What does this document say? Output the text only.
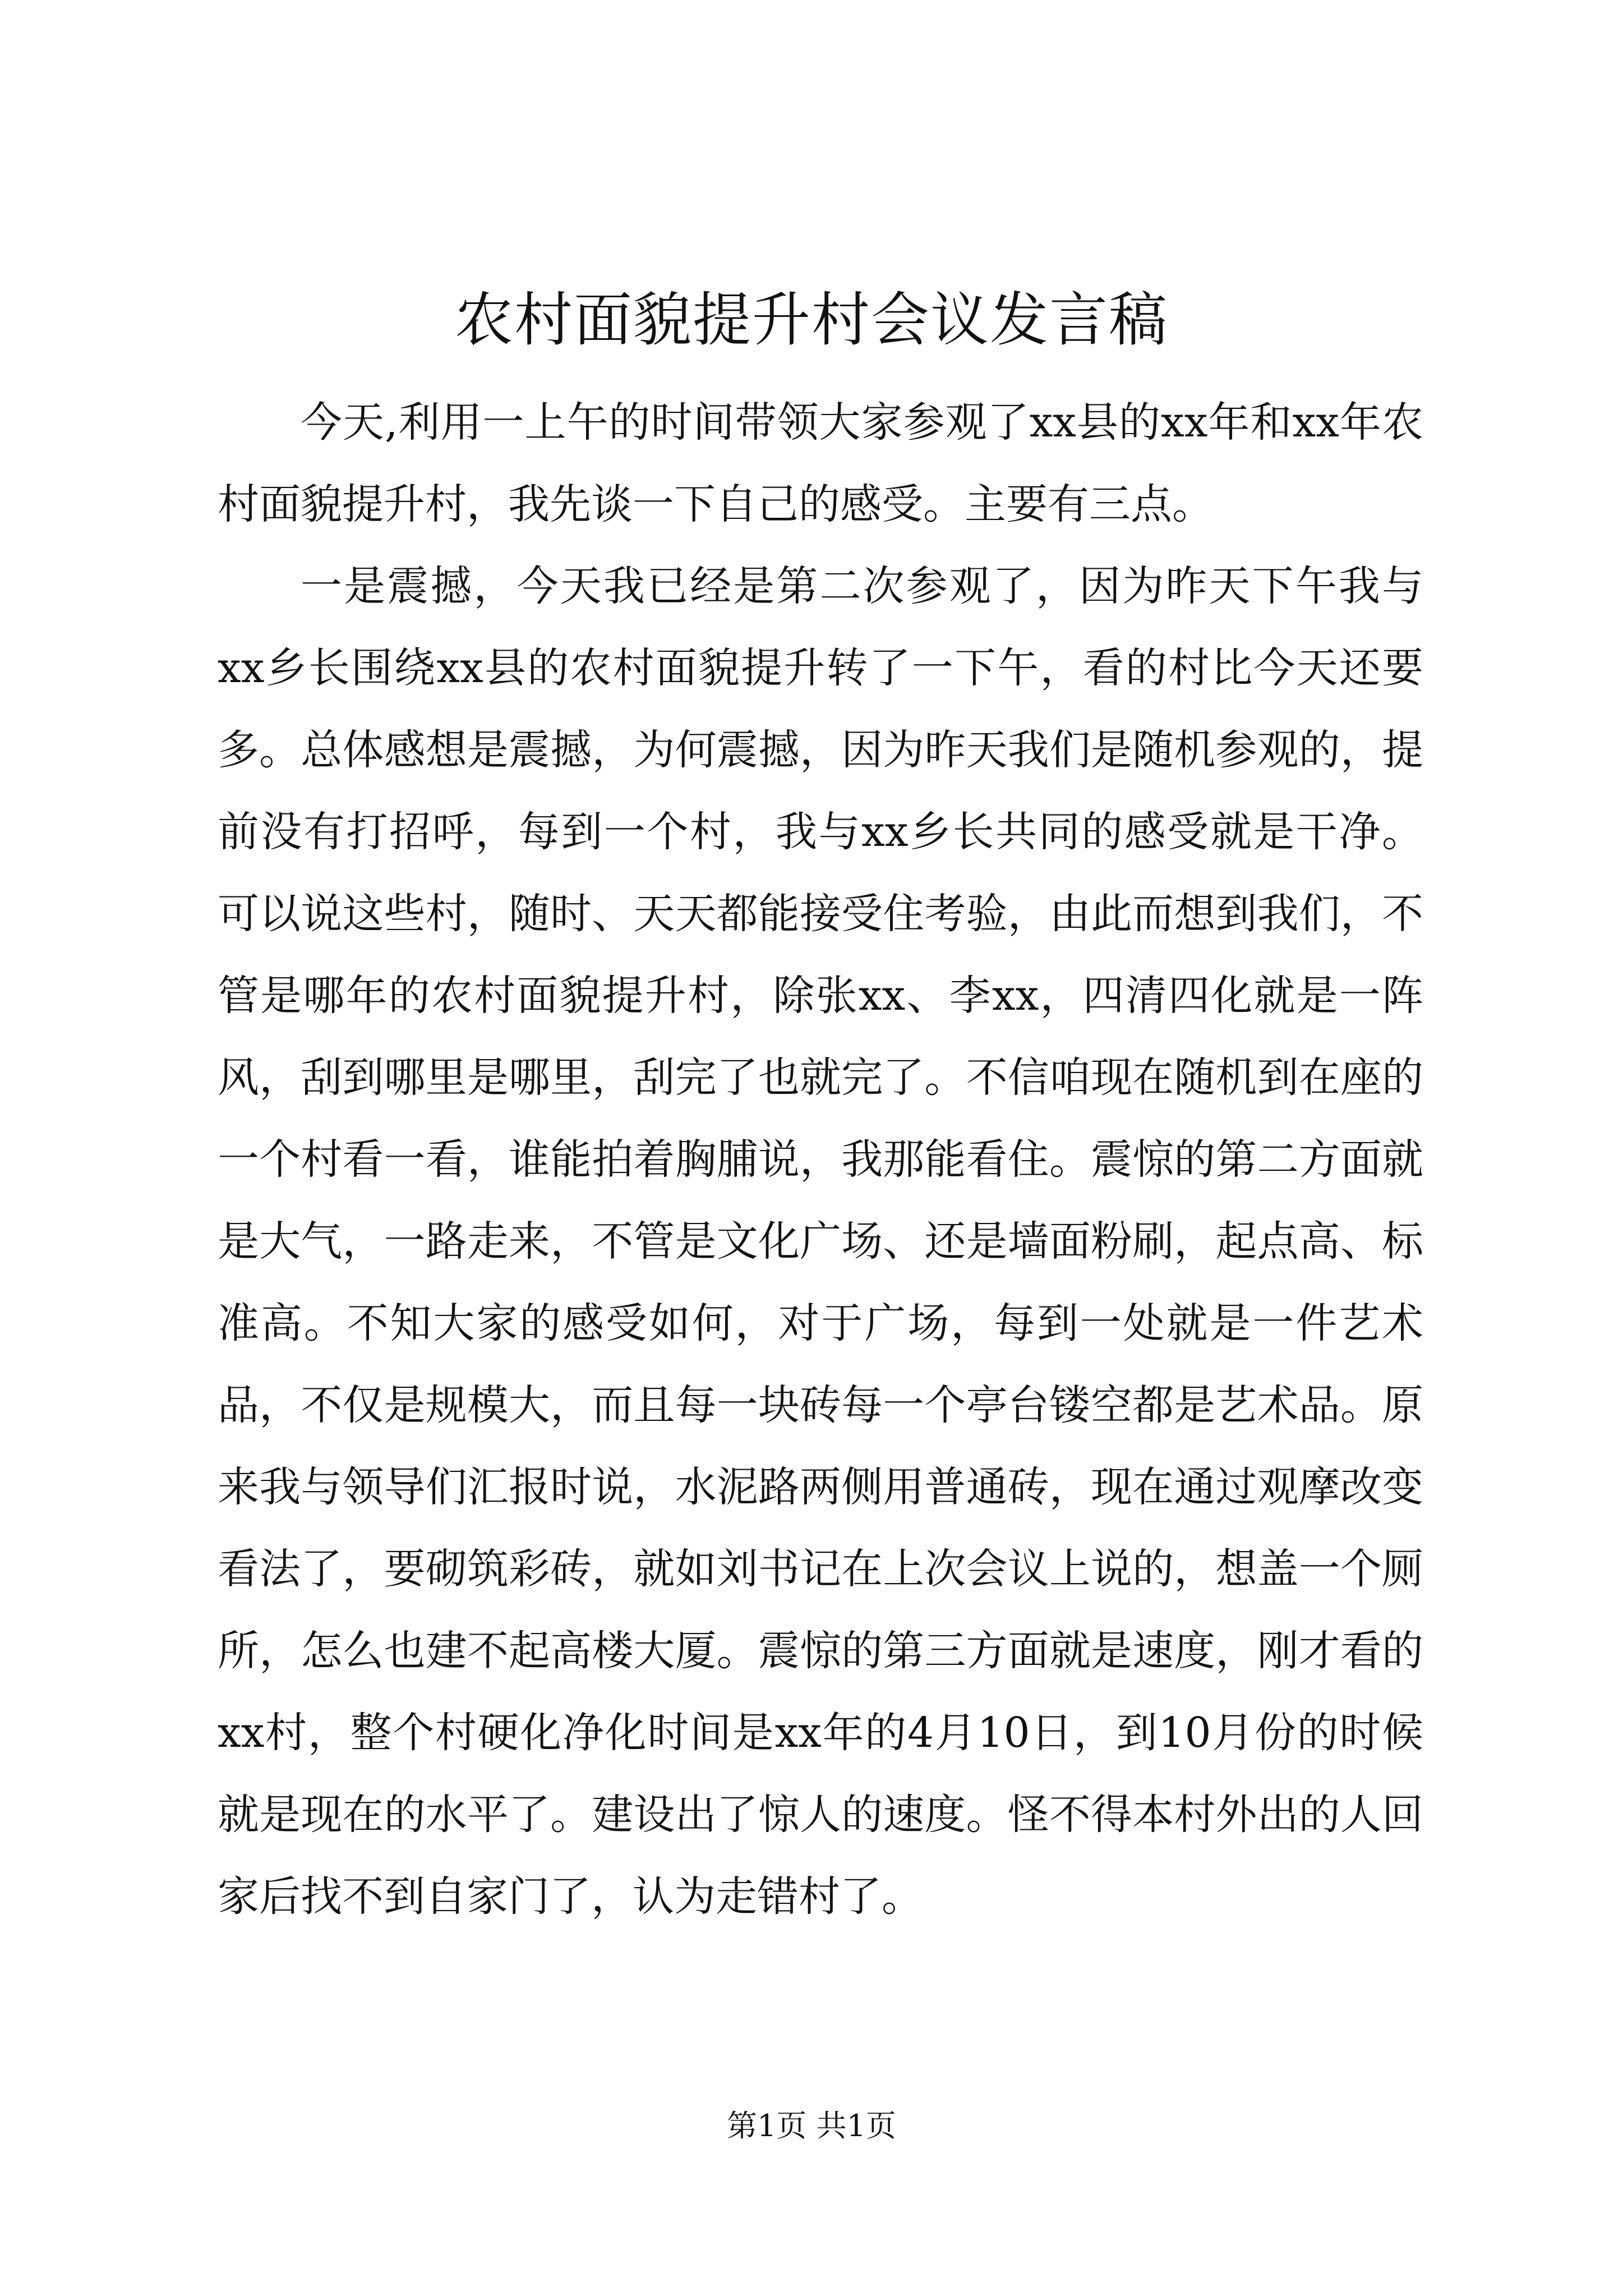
农村面貌提升村会议发言稿

今天,利用一上午的时间带领大家参观了xx县的xx年和xx年农村面貌提升村，我先谈一下自己的感受。主要有三点。

一是震撼，今天我已经是第二次参观了，因为昨天下午我与xx乡长围绕xx县的农村面貌提升转了一下午，看的村比今天还要多。总体感想是震撼，为何震撼，因为昨天我们是随机参观的，提前没有打招呼，每到一个村，我与xx乡长共同的感受就是干净。可以说这些村，随时、天天都能接受住考验，由此而想到我们，不管是哪年的农村面貌提升村，除张xx、李xx，四清四化就是一阵风，刮到哪里是哪里，刮完了也就完了。不信咱现在随机到在座的一个村看一看，谁能拍着胸脯说，我那能看住。震惊的第二方面就是大气，一路走来，不管是文化广场、还是墙面粉刷，起点高、标准高。不知大家的感受如何，对于广场，每到一处就是一件艺术品，不仅是规模大，而且每一块砖每一个亭台镂空都是艺术品。原来我与领导们汇报时说，水泥路两侧用普通砖，现在通过观摩改变看法了，要砌筑彩砖，就如刘书记在上次会议上说的，想盖一个厕所，怎么也建不起高楼大厦。震惊的第三方面就是速度，刚才看的xx村，整个村硬化净化时间是xx年的4月10日，到10月份的时候就是现在的水平了。建设出了惊人的速度。怪不得本村外出的人回家后找不到自家门了，认为走错村了。

第1页 共1页
